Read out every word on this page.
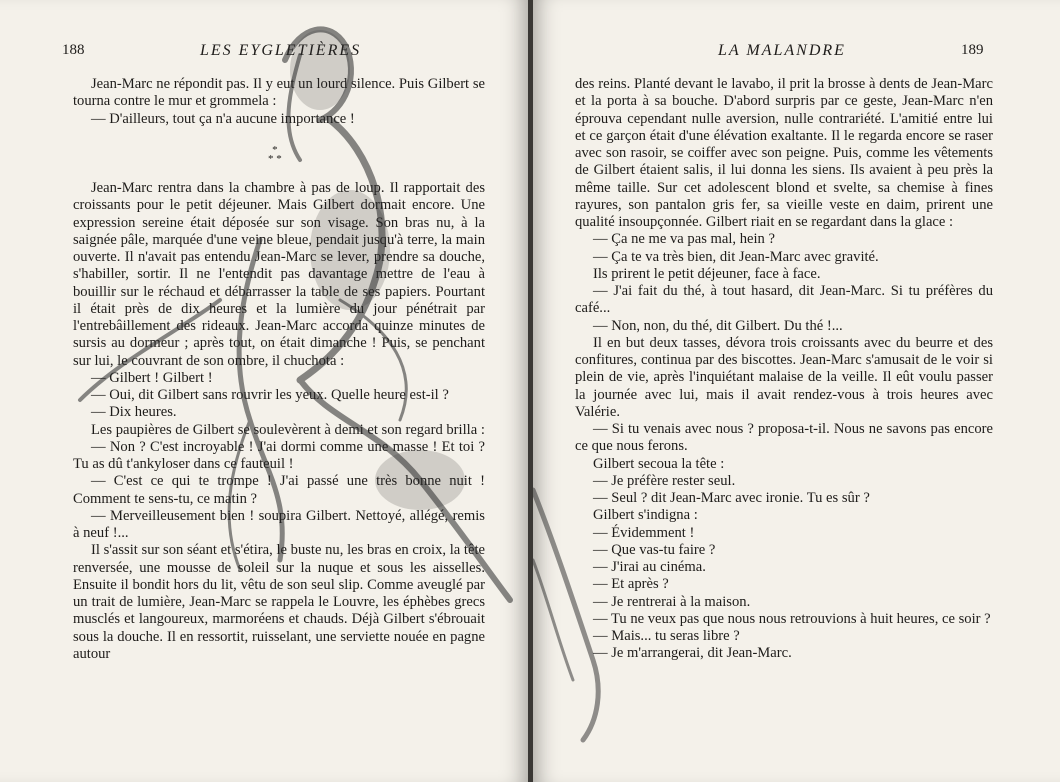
188	LES EYGLETIÈRES

Jean-Marc ne répondit pas. Il y eut un lourd silence. Puis Gilbert se tourna contre le mur et grommela :

— D'ailleurs, tout ça n'a aucune importance !

*
* *

Jean-Marc rentra dans la chambre à pas de loup. Il rapportait des croissants pour le petit déjeuner. Mais Gilbert dormait encore. Une expression sereine était déposée sur son visage. Son bras nu, à la saignée pâle, marquée d'une veine bleue, pendait jusqu'à terre, la main ouverte. Il n'avait pas entendu Jean-Marc se lever, prendre sa douche, s'habiller, sortir. Il ne l'entendit pas davantage mettre de l'eau à bouillir sur le réchaud et débarrasser la table de ses papiers. Pourtant il était près de dix heures et la lumière du jour pénétrait par l'entrebâillement des rideaux. Jean-Marc accorda quinze minutes de sursis au dormeur ; après tout, on était dimanche ! Puis, se penchant sur lui, le couvrant de son ombre, il chuchota :

— Gilbert ! Gilbert !

— Oui, dit Gilbert sans rouvrir les yeux. Quelle heure est-il ?

— Dix heures.

Les paupières de Gilbert se soulevèrent à demi et son regard brilla :

— Non ? C'est incroyable ! J'ai dormi comme une masse ! Et toi ? Tu as dû t'ankyloser dans ce fauteuil !

— C'est ce qui te trompe ! J'ai passé une très bonne nuit ! Comment te sens-tu, ce matin ?

— Merveilleusement bien ! soupira Gilbert. Nettoyé, allégé, remis à neuf !...

Il s'assit sur son séant et s'étira, le buste nu, les bras en croix, la tête renversée, une mousse de soleil sur la nuque et sous les aisselles. Ensuite il bondit hors du lit, vêtu de son seul slip. Comme aveuglé par un trait de lumière, Jean-Marc se rappela le Louvre, les éphèbes grecs musclés et langoureux, marmoréens et chauds. Déjà Gilbert s'ébrouait sous la douche. Il en ressortit, ruisselant, une serviette nouée en pagne autour

LA MALANDRE	189

des reins. Planté devant le lavabo, il prit la brosse à dents de Jean-Marc et la porta à sa bouche. D'abord surpris par ce geste, Jean-Marc n'en éprouva cependant nulle aversion, nulle contrariété. L'amitié entre lui et ce garçon était d'une élévation exaltante. Il le regarda encore se raser avec son rasoir, se coiffer avec son peigne. Puis, comme les vêtements de Gilbert étaient salis, il lui donna les siens. Ils avaient à peu près la même taille. Sur cet adolescent blond et svelte, sa chemise à fines rayures, son pantalon gris fer, sa vieille veste en daim, prirent une qualité insoupçonnée. Gilbert riait en se regardant dans la glace :

— Ça ne me va pas mal, hein ?

— Ça te va très bien, dit Jean-Marc avec gravité.

Ils prirent le petit déjeuner, face à face.

— J'ai fait du thé, à tout hasard, dit Jean-Marc. Si tu préfères du café...

— Non, non, du thé, dit Gilbert. Du thé !...

Il en but deux tasses, dévora trois croissants avec du beurre et des confitures, continua par des biscottes. Jean-Marc s'amusait de le voir si plein de vie, après l'inquiétant malaise de la veille. Il eût voulu passer la journée avec lui, mais il avait rendez-vous à trois heures avec Valérie.

— Si tu venais avec nous ? proposa-t-il. Nous ne savons pas encore ce que nous ferons.

Gilbert secoua la tête :

— Je préfère rester seul.

— Seul ? dit Jean-Marc avec ironie. Tu es sûr ?

Gilbert s'indigna :

— Évidemment !

— Que vas-tu faire ?

— J'irai au cinéma.

— Et après ?

— Je rentrerai à la maison.

— Tu ne veux pas que nous nous retrouvions à huit heures, ce soir ?

— Mais... tu seras libre ?

— Je m'arrangerai, dit Jean-Marc.
